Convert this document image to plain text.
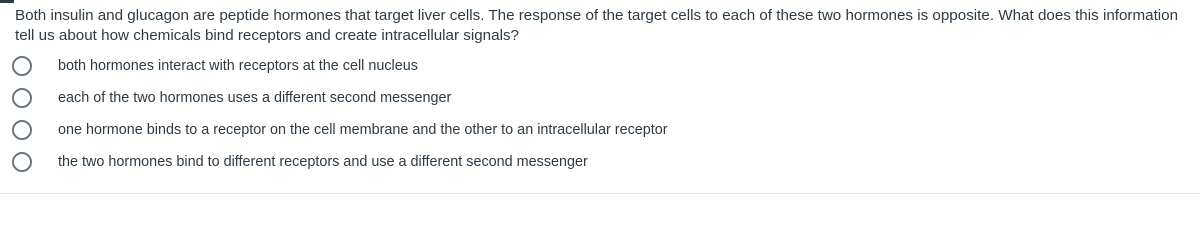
Both insulin and glucagon are peptide hormones that target liver cells. The response of the target cells to each of these two hormones is opposite. What does this information tell us about how chemicals bind receptors and create intracellular signals?

both hormones interact with receptors at the cell nucleus
each of the two hormones uses a different second messenger
one hormone binds to a receptor on the cell membrane and the other to an intracellular receptor
the two hormones bind to different receptors and use a different second messenger
